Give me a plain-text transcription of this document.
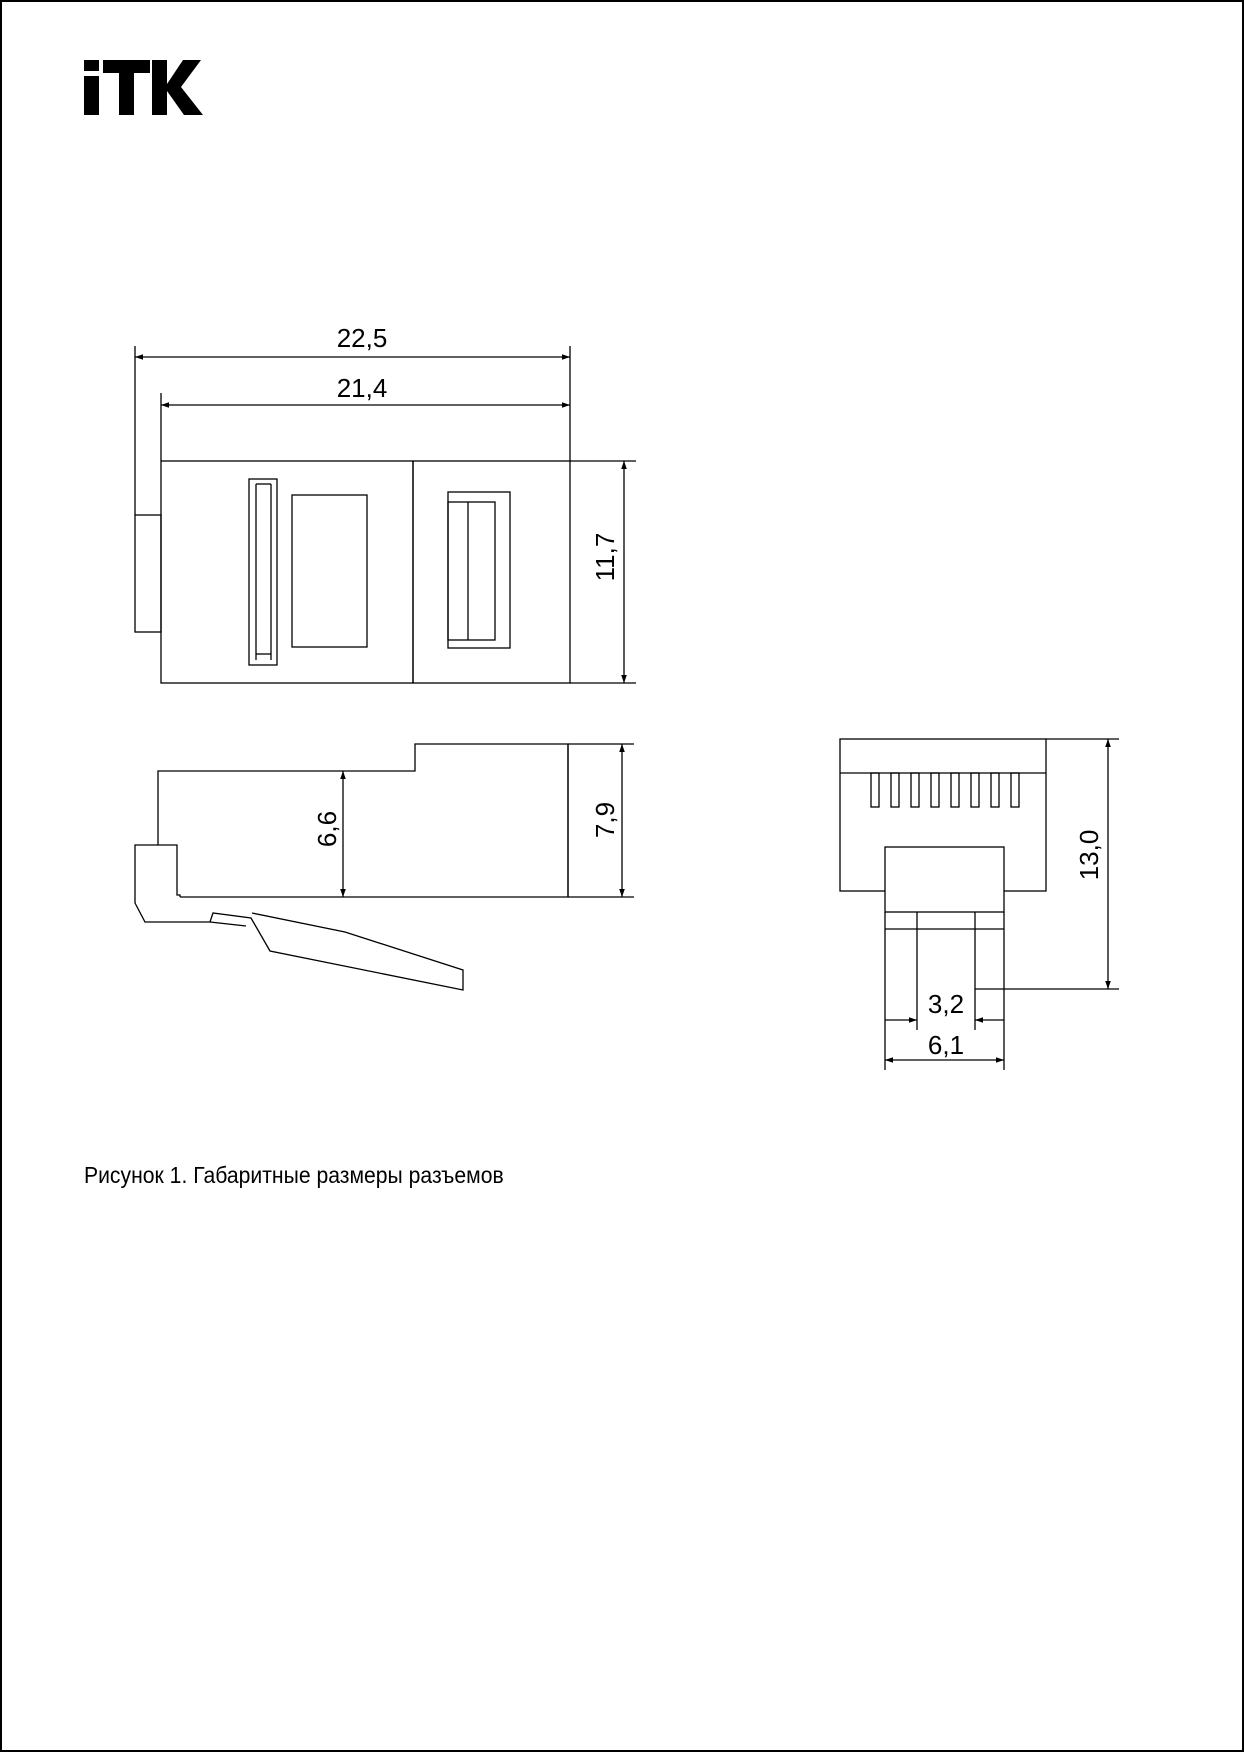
22,5
21,4
11,7
6,6	7,9
13,0
3,2
6,1
Рисунок 1. Габаритные размеры разъемов
